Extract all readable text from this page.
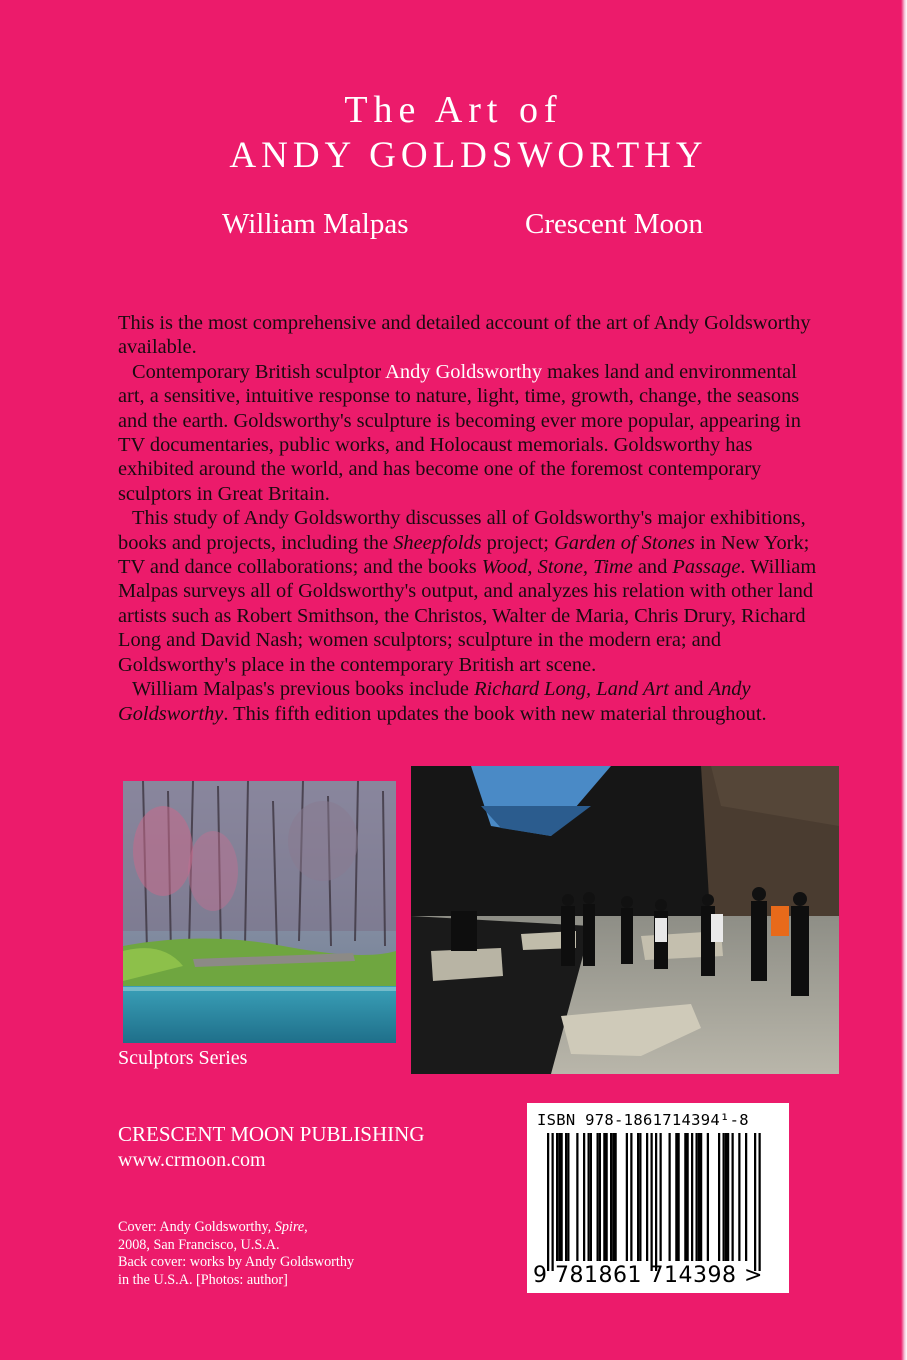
The Art of
ANDY GOLDSWORTHY
William Malpas	Crescent Moon

This is the most comprehensive and detailed account of the art of Andy Goldsworthy available.

Contemporary British sculptor Andy Goldsworthy makes land and environmental art, a sensitive, intuitive response to nature, light, time, growth, change, the seasons and the earth. Goldsworthy's sculpture is becoming ever more popular, appearing in TV documentaries, public works, and Holocaust memorials. Goldsworthy has exhibited around the world, and has become one of the foremost contemporary sculptors in Great Britain.

This study of Andy Goldsworthy discusses all of Goldsworthy's major exhibitions, books and projects, including the Sheepfolds project; Garden of Stones in New York; TV and dance collaborations; and the books Wood, Stone, Time and Passage. William Malpas surveys all of Goldsworthy's output, and analyzes his relation with other land artists such as Robert Smithson, the Christos, Walter de Maria, Chris Drury, Richard Long and David Nash; women sculptors; sculpture in the modern era; and Goldsworthy's place in the contemporary British art scene.

William Malpas's previous books include Richard Long, Land Art and Andy Goldsworthy. This fifth edition updates the book with new material throughout.

Sculptors Series
CRESCENT MOON PUBLISHING
www.crmoon.com
Cover: Andy Goldsworthy, Spire,
2008, San Francisco, U.S.A.
Back cover: works by Andy Goldsworthy
in the U.S.A. [Photos: author]
ISBN 978-1861714394¹-8
9 781861 714398 >
